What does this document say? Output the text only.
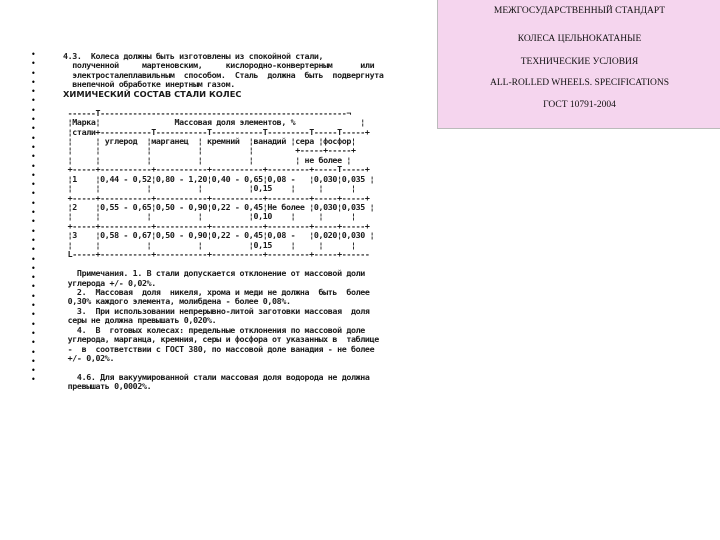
МЕЖГОСУДАРСТВЕННЫЙ СТАНДАРТ
КОЛЕСА ЦЕЛЬНОКАТАНЫЕ
ТЕХНИЧЕСКИЕ УСЛОВИЯ
ALL-ROLLED WHEELS. SPECIFICATIONS
ГОСТ 10791-2004
•
•
•
•
•
•
•
•
•
•
•
•
•
•
•
•
•
•
•
•
•
•
•
•
•
•
•
•
•
•
•
•
•
•
•
•
4.3.  Колеса должны быть изготовлены из спокойной стали,
полученной     мартеновским,     кислородно-конвертерным      или
электросталеплавильным  способом.  Сталь  должна  быть  подвергнута
внепечной обработке инертным газом.
ХИМИЧЕСКИЙ СОСТАВ СТАЛИ КОЛЕС
------T-----------------------------------------------------¬
¦Марка¦                Массовая доля элементов, %              ¦
¦стали+-----------T-----------T-----------T---------T-----T-----+
¦     ¦ углерод  ¦марганец  ¦ кремний  ¦ванадий ¦сера ¦фосфор¦
¦     ¦          ¦          ¦          ¦         +-----+-----+
¦     ¦          ¦          ¦          ¦         ¦ не более ¦
+-----+-----------+-----------+-----------+---------+-----T-----+
¦1    ¦0,44 - 0,52¦0,80 - 1,20¦0,40 - 0,65¦0,08 -   ¦0,030¦0,035 ¦
¦     ¦          ¦          ¦          ¦0,15    ¦     ¦      ¦
+-----+-----------+-----------+-----------+---------+-----+-----+
¦2    ¦0,55 - 0,65¦0,50 - 0,90¦0,22 - 0,45¦Не более ¦0,030¦0,035 ¦
¦     ¦          ¦          ¦          ¦0,10    ¦     ¦      ¦
+-----+-----------+-----------+-----------+---------+-----+-----+
¦3    ¦0,58 - 0,67¦0,50 - 0,90¦0,22 - 0,45¦0,08 -   ¦0,020¦0,030 ¦
¦     ¦          ¦          ¦          ¦0,15    ¦     ¦      ¦
L-----+-----------+-----------+-----------+---------+-----+------
Примечания. 1. В стали допускается отклонение от массовой доли
углерода +/- 0,02%.
2.  Массовая  доля  никеля, хрома и меди не должна  быть  более
0,30% каждого элемента, молибдена - более 0,08%.
3.  При использовании непрерывно-литой заготовки массовая  доля
серы не должна превышать 0,020%.
4.  В  готовых колесах: предельные отклонения по массовой доле
углерода, марганца, кремния, серы и фосфора от указанных в  таблице
-  в  соответствии с ГОСТ 380, по массовой доле ванадия - не более
+/- 0,02%.
4.6. Для вакуумированной стали массовая доля водорода не должна
превышать 0,0002%.
